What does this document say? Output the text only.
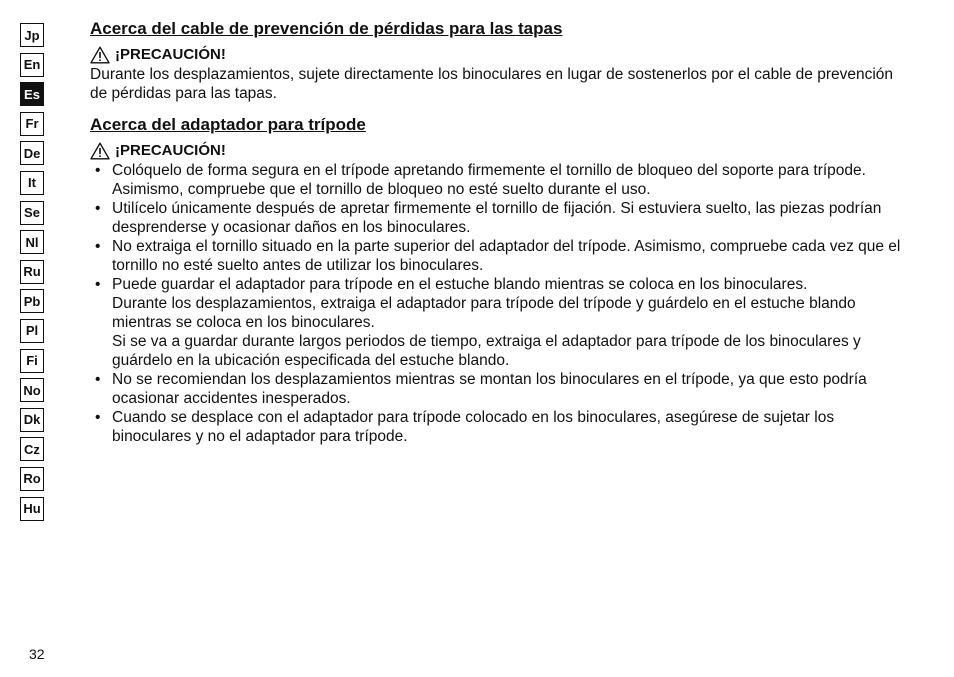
Jp
En
Es
Fr
De
It
Se
Nl
Ru
Pb
Pl
Fi
No
Dk
Cz
Ro
Hu
Acerca del cable de prevención de pérdidas para las tapas
¡PRECAUCIÓN!

Durante los desplazamientos, sujete directamente los binoculares en lugar de sostenerlos por el cable de prevención de pérdidas para las tapas.

Acerca del adaptador para trípode
¡PRECAUCIÓN!
• Colóquelo de forma segura en el trípode apretando firmemente el tornillo de bloqueo del soporte para trípode. Asimismo, compruebe que el tornillo de bloqueo no esté suelto durante el uso.
• Utilícelo únicamente después de apretar firmemente el tornillo de fijación. Si estuviera suelto, las piezas podrían desprenderse y ocasionar daños en los binoculares.
• No extraiga el tornillo situado en la parte superior del adaptador del trípode. Asimismo, compruebe cada vez que el tornillo no esté suelto antes de utilizar los binoculares.
• Puede guardar el adaptador para trípode en el estuche blando mientras se coloca en los binoculares.
Durante los desplazamientos, extraiga el adaptador para trípode del trípode y guárdelo en el estuche blando mientras se coloca en los binoculares.
Si se va a guardar durante largos periodos de tiempo, extraiga el adaptador para trípode de los binoculares y guárdelo en la ubicación especificada del estuche blando.
• No se recomiendan los desplazamientos mientras se montan los binoculares en el trípode, ya que esto podría ocasionar accidentes inesperados.
• Cuando se desplace con el adaptador para trípode colocado en los binoculares, asegúrese de sujetar los binoculares y no el adaptador para trípode.
32
